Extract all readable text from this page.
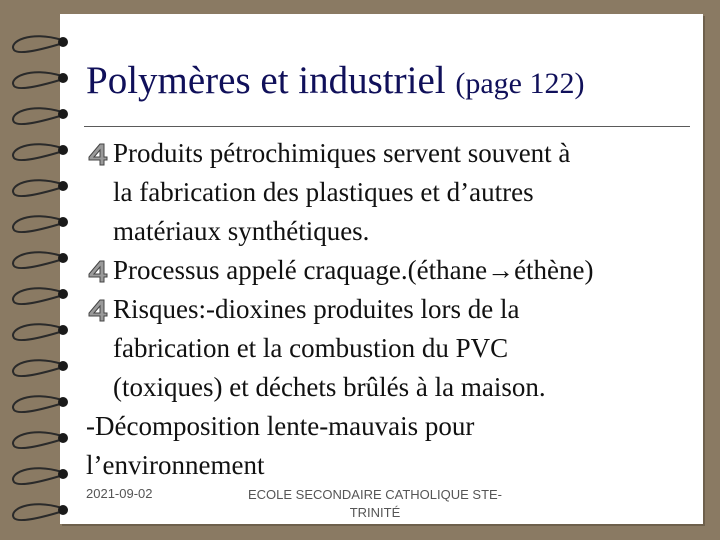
Polymères et industriel (page 122)
Produits pétrochimiques servent souvent à
la fabrication des plastiques et d’autres
matériaux synthétiques.
Processus appelé craquage.(éthane→éthène)
Risques:-dioxines produites lors de la
fabrication et la combustion du PVC
(toxiques) et déchets brûlés à la maison.
-Décomposition lente-mauvais pour
l’environnement
2021-09-02	ECOLE SECONDAIRE CATHOLIQUE STE-
TRINITÉ
